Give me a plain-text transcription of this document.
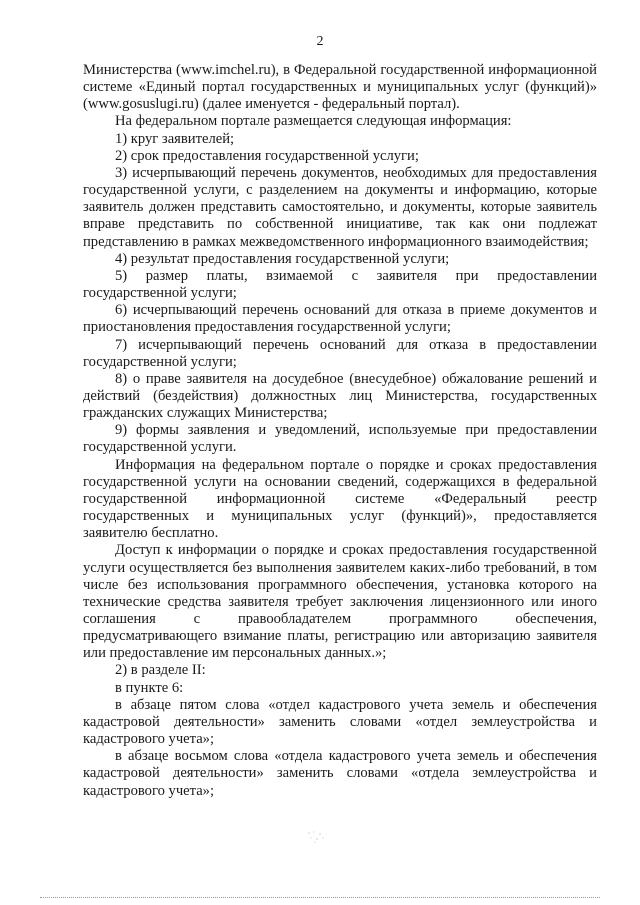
2

Министерства (www.imchel.ru), в Федеральной государственной информационной системе «Единый портал государственных и муниципальных услуг (функций)» (www.gosuslugi.ru) (далее именуется - федеральный портал).

На федеральном портале размещается следующая информация:

1) круг заявителей;

2) срок предоставления государственной услуги;

3) исчерпывающий перечень документов, необходимых для предоставления государственной услуги, с разделением на документы и информацию, которые заявитель должен представить самостоятельно, и документы, которые заявитель вправе представить по собственной инициативе, так как они подлежат представлению в рамках межведомственного информационного взаимодействия;

4) результат предоставления государственной услуги;

5) размер платы, взимаемой с заявителя при предоставлении государственной услуги;

6) исчерпывающий перечень оснований для отказа в приеме документов и приостановления предоставления государственной услуги;

7) исчерпывающий перечень оснований для отказа в предоставлении государственной услуги;

8) о праве заявителя на досудебное (внесудебное) обжалование решений и действий (бездействия) должностных лиц Министерства, государственных гражданских служащих Министерства;

9) формы заявления и уведомлений, используемые при предоставлении государственной услуги.

Информация на федеральном портале о порядке и сроках предоставления государственной услуги на основании сведений, содержащихся в федеральной государственной информационной системе «Федеральный реестр государственных и муниципальных услуг (функций)», предоставляется заявителю бесплатно.

Доступ к информации о порядке и сроках предоставления государственной услуги осуществляется без выполнения заявителем каких-либо требований, в том числе без использования программного обеспечения, установка которого на технические средства заявителя требует заключения лицензионного или иного соглашения с правообладателем программного обеспечения, предусматривающего взимание платы, регистрацию или авторизацию заявителя или предоставление им персональных данных.»;

2) в разделе II:

в пункте 6:

в абзаце пятом слова «отдел кадастрового учета земель и обеспечения кадастровой деятельности» заменить словами «отдел землеустройства и кадастрового учета»;

в абзаце восьмом слова «отдела кадастрового учета земель и обеспечения кадастровой деятельности» заменить словами «отдела землеустройства и кадастрового учета»;
